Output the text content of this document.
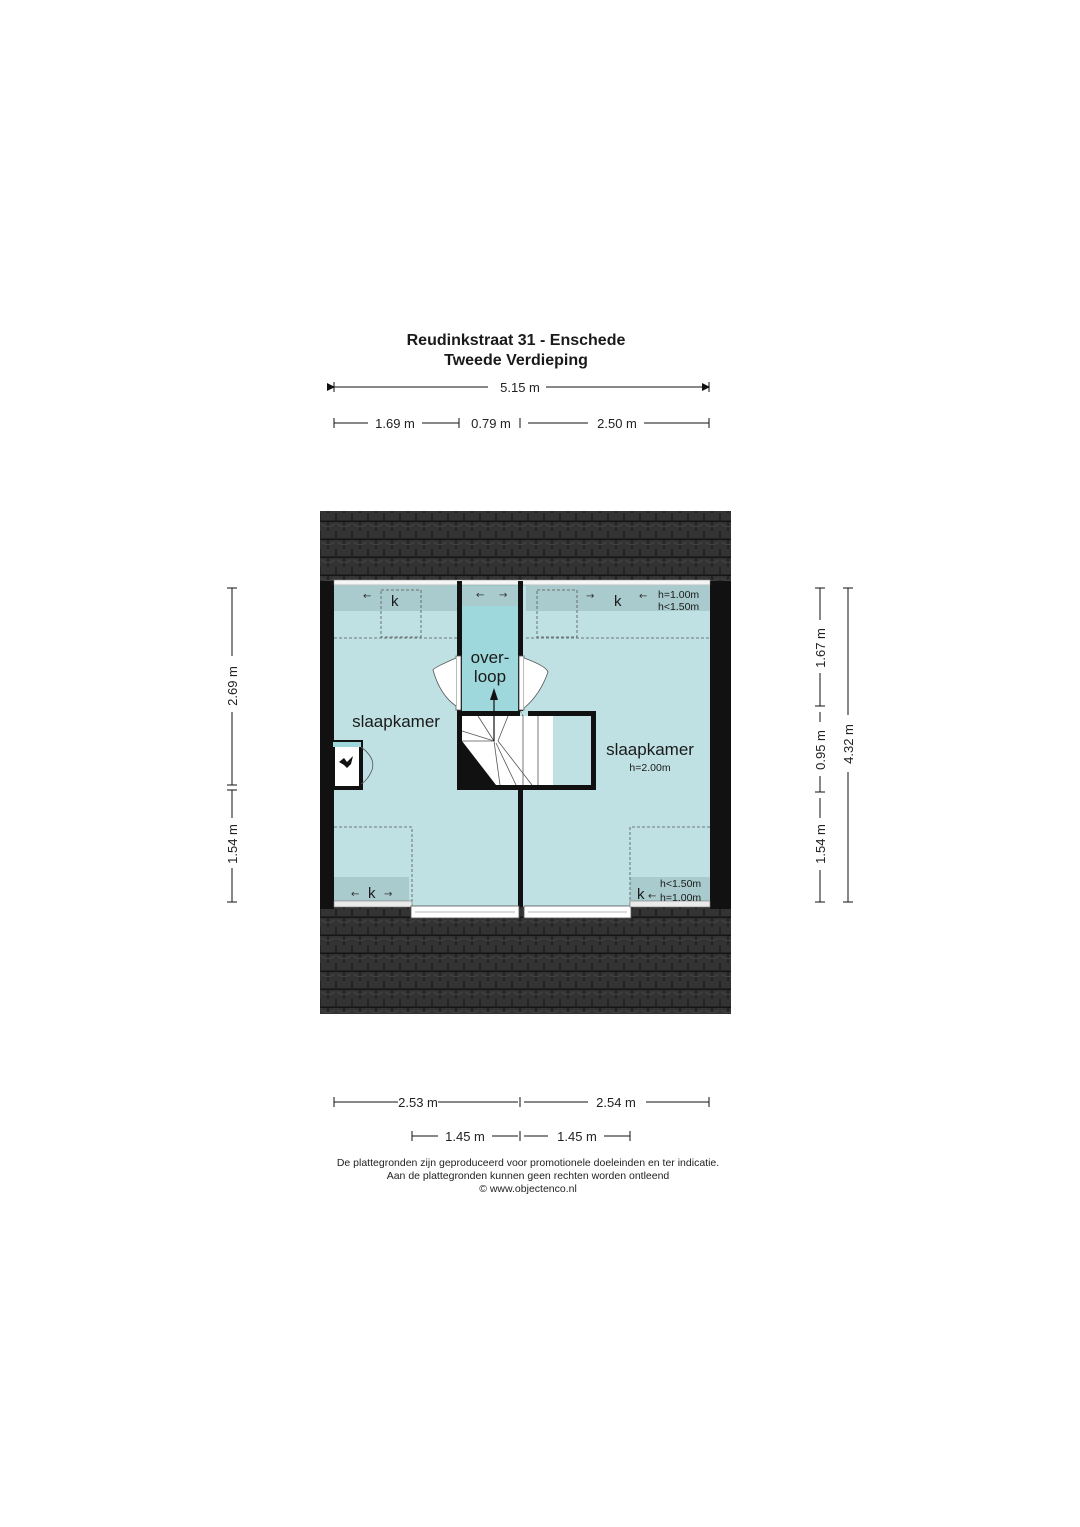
Reudinkstraat 31 - Enschede
Tweede Verdieping
5.15 m
1.69 m	0.79 m	2.50 m
slaapkamer
over-
loop
slaapkamer
h=2.00m
← k	← →	→ k ← h=1.00m
h<1.50m
← k →	k ←
h<1.50m
h=1.00m
2.69 m
1.54 m
1.67 m
0.95 m
1.54 m
4.32 m
2.53 m	2.54 m
1.45 m	1.45 m
De plattegronden zijn geproduceerd voor promotionele doeleinden en ter indicatie.
Aan de plattegronden kunnen geen rechten worden ontleend
© www.objectenco.nl
